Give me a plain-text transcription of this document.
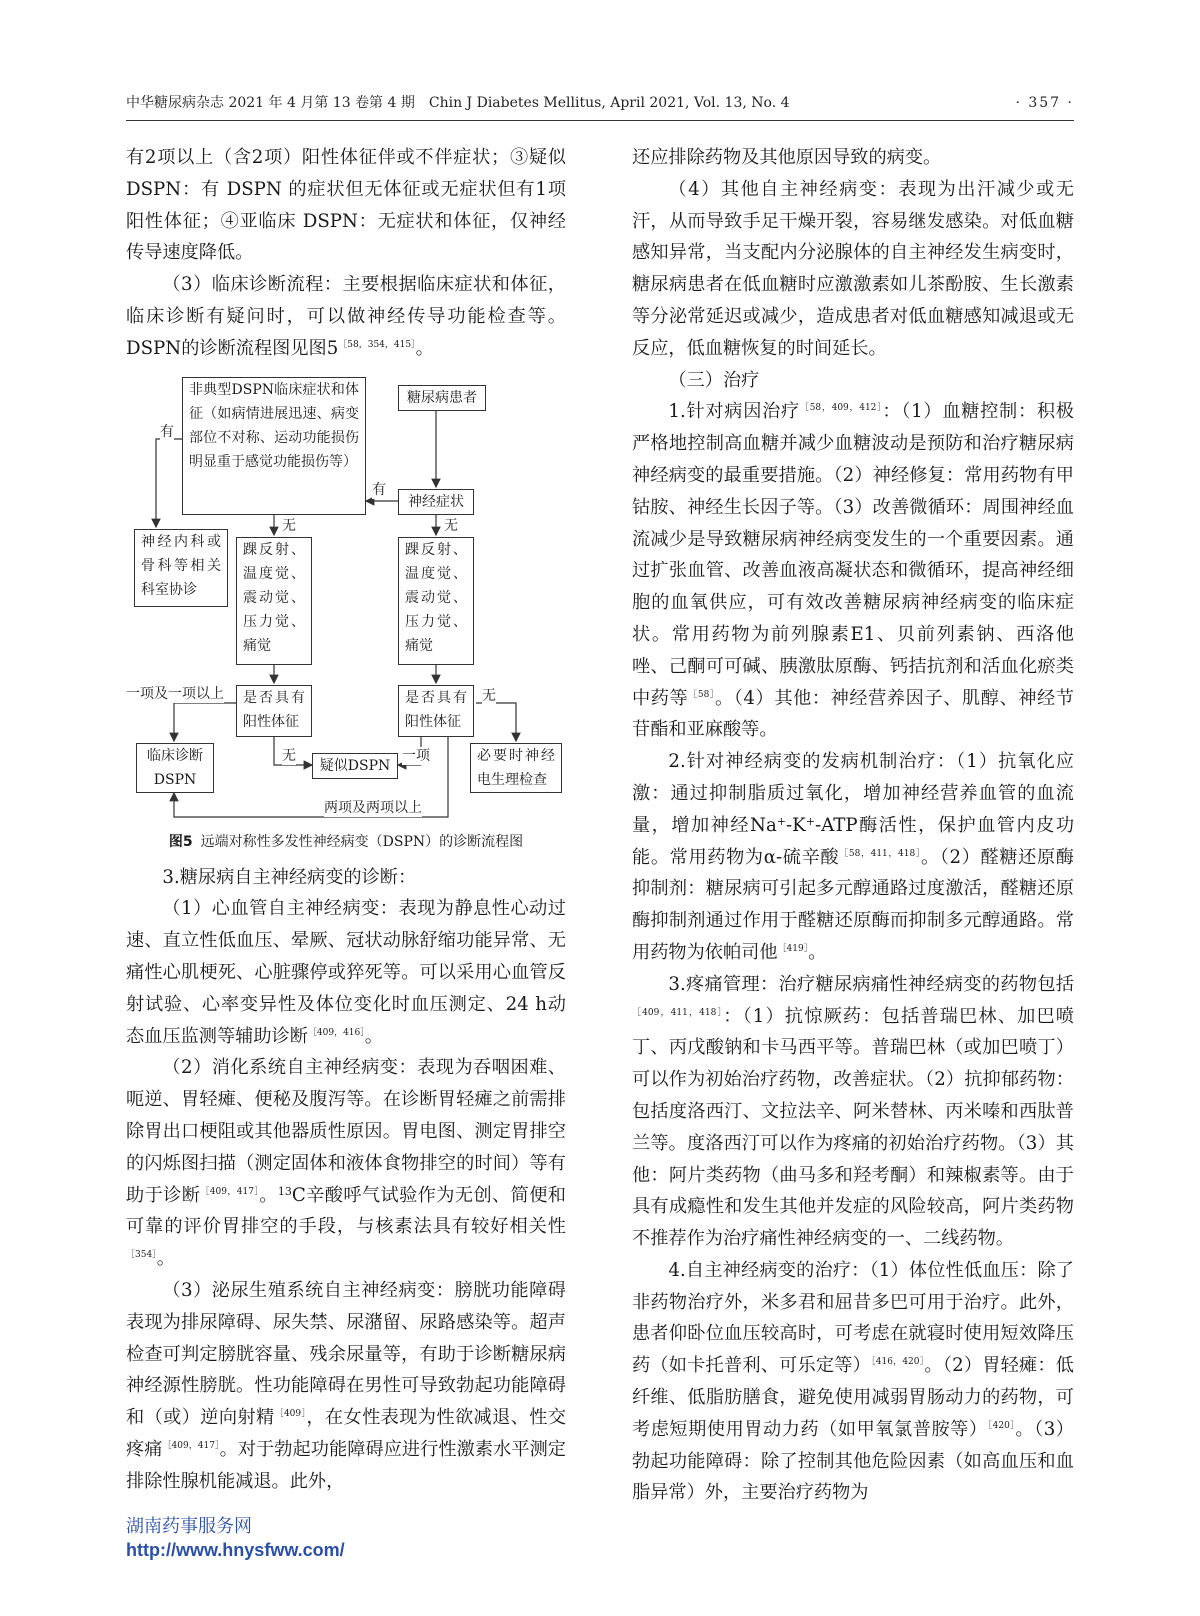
中华糖尿病杂志 2021 年 4 月第 13 卷第 4 期　Chin J Diabetes Mellitus, April 2021, Vol. 13, No. 4	· 357 ·

有2项以上（含2项）阳性体征伴或不伴症状；③疑似 DSPN：有 DSPN 的症状但无体征或无症状但有1项阳性体征；④亚临床 DSPN：无症状和体征，仅神经传导速度降低。

（3）临床诊断流程：主要根据临床症状和体征，临床诊断有疑问时，可以做神经传导功能检查等。DSPN的诊断流程图见图5$^{[58,354,415]}$。

非典型DSPN临床症状和体征（如病情进展迅速、病变部位不对称、运动功能损伤明显重于感觉功能损伤等）
糖尿病患者
神经症状
神经内科或骨科等相关科室协诊
踝反射、温度觉、震动觉、压力觉、痛觉
踝反射、温度觉、震动觉、压力觉、痛觉
是否具有阳性体征
是否具有阳性体征
临床诊断DSPN
疑似DSPN
必要时神经电生理检查
有
有
无	无
一项及一项以上
无	一项
无
两项及两项以上
图5 远端对称性多发性神经病变（DSPN）的诊断流程图

3.糖尿病自主神经病变的诊断：

（1）心血管自主神经病变：表现为静息性心动过速、直立性低血压、晕厥、冠状动脉舒缩功能异常、无痛性心肌梗死、心脏骤停或猝死等。可以采用心血管反射试验、心率变异性及体位变化时血压测定、24 h动态血压监测等辅助诊断$^{[409,416]}$。

（2）消化系统自主神经病变：表现为吞咽困难、呃逆、胃轻瘫、便秘及腹泻等。在诊断胃轻瘫之前需排除胃出口梗阻或其他器质性原因。胃电图、测定胃排空的闪烁图扫描（测定固体和液体食物排空的时间）等有助于诊断$^{[409,417]}$。$^{13}$C辛酸呼气试验作为无创、简便和可靠的评价胃排空的手段，与核素法具有较好相关性$^{[354]}$。

（3）泌尿生殖系统自主神经病变：膀胱功能障碍表现为排尿障碍、尿失禁、尿潴留、尿路感染等。超声检查可判定膀胱容量、残余尿量等，有助于诊断糖尿病神经源性膀胱。性功能障碍在男性可导致勃起功能障碍和（或）逆向射精$^{[409]}$，在女性表现为性欲减退、性交疼痛$^{[409,417]}$。对于勃起功能障碍应进行性激素水平测定排除性腺机能减退。此外，

还应排除药物及其他原因导致的病变。

（4）其他自主神经病变：表现为出汗减少或无汗，从而导致手足干燥开裂，容易继发感染。对低血糖感知异常，当支配内分泌腺体的自主神经发生病变时，糖尿病患者在低血糖时应激激素如儿茶酚胺、生长激素等分泌常延迟或减少，造成患者对低血糖感知减退或无反应，低血糖恢复的时间延长。

（三）治疗

1.针对病因治疗$^{[58,409,412]}$：（1）血糖控制：积极严格地控制高血糖并减少血糖波动是预防和治疗糖尿病神经病变的最重要措施。（2）神经修复：常用药物有甲钴胺、神经生长因子等。（3）改善微循环：周围神经血流减少是导致糖尿病神经病变发生的一个重要因素。通过扩张血管、改善血液高凝状态和微循环，提高神经细胞的血氧供应，可有效改善糖尿病神经病变的临床症状。常用药物为前列腺素E1、贝前列素钠、西洛他唑、己酮可可碱、胰激肽原酶、钙拮抗剂和活血化瘀类中药等$^{[58]}$。（4）其他：神经营养因子、肌醇、神经节苷酯和亚麻酸等。

2.针对神经病变的发病机制治疗：（1）抗氧化应激：通过抑制脂质过氧化，增加神经营养血管的血流量，增加神经Na+-K+-ATP酶活性，保护血管内皮功能。常用药物为α-硫辛酸$^{[58,411,418]}$。（2）醛糖还原酶抑制剂：糖尿病可引起多元醇通路过度激活，醛糖还原酶抑制剂通过作用于醛糖还原酶而抑制多元醇通路。常用药物为依帕司他$^{[419]}$。

3.疼痛管理：治疗糖尿病痛性神经病变的药物包括$^{[409,411,418]}$：（1）抗惊厥药：包括普瑞巴林、加巴喷丁、丙戊酸钠和卡马西平等。普瑞巴林（或加巴喷丁）可以作为初始治疗药物，改善症状。（2）抗抑郁药物：包括度洛西汀、文拉法辛、阿米替林、丙米嗪和西肽普兰等。度洛西汀可以作为疼痛的初始治疗药物。（3）其他：阿片类药物（曲马多和羟考酮）和辣椒素等。由于具有成瘾性和发生其他并发症的风险较高，阿片类药物不推荐作为治疗痛性神经病变的一、二线药物。

4.自主神经病变的治疗：（1）体位性低血压：除了非药物治疗外，米多君和屈昔多巴可用于治疗。此外，患者仰卧位血压较高时，可考虑在就寝时使用短效降压药（如卡托普利、可乐定等）$^{[416,420]}$。（2）胃轻瘫：低纤维、低脂肪膳食，避免使用减弱胃肠动力的药物，可考虑短期使用胃动力药（如甲氧氯普胺等）$^{[420]}$。（3）勃起功能障碍：除了控制其他危险因素（如高血压和血脂异常）外，主要治疗药物为

湖南药事服务网
http://www.hnysfww.com/
